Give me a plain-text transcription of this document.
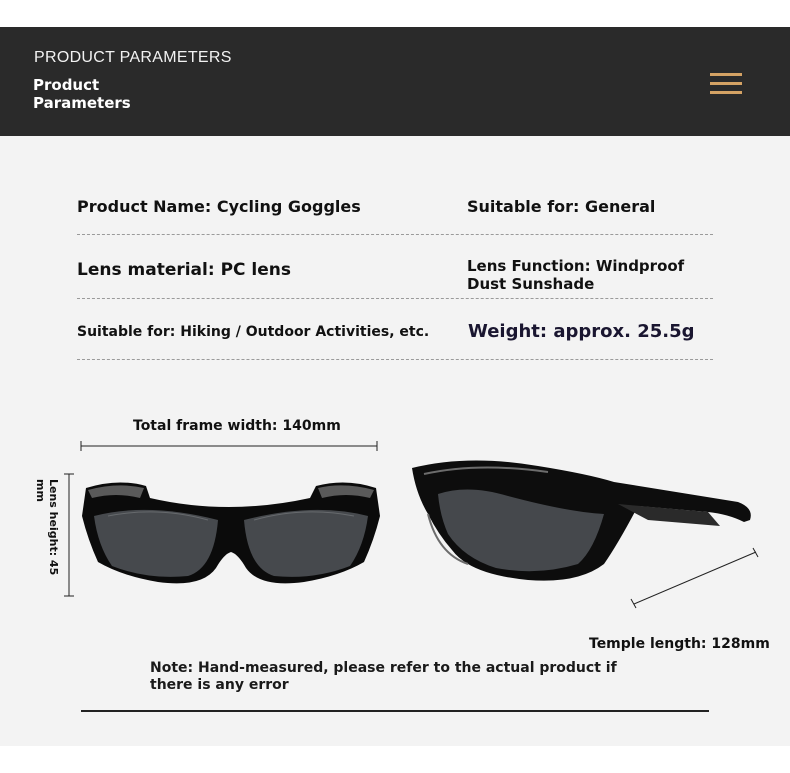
PRODUCT PARAMETERS
Product Parameters
Product Name: Cycling Goggles	Suitable for: General
Lens material: PC lens	Lens Function: Windproof Dust Sunshade
Suitable for: Hiking / Outdoor Activities, etc. Weight: approx. 25.5g
Total frame width: 140mm
Lens height: 45 mm
Temple length: 128mm
Note: Hand-measured, please refer to the actual product if there is any error
